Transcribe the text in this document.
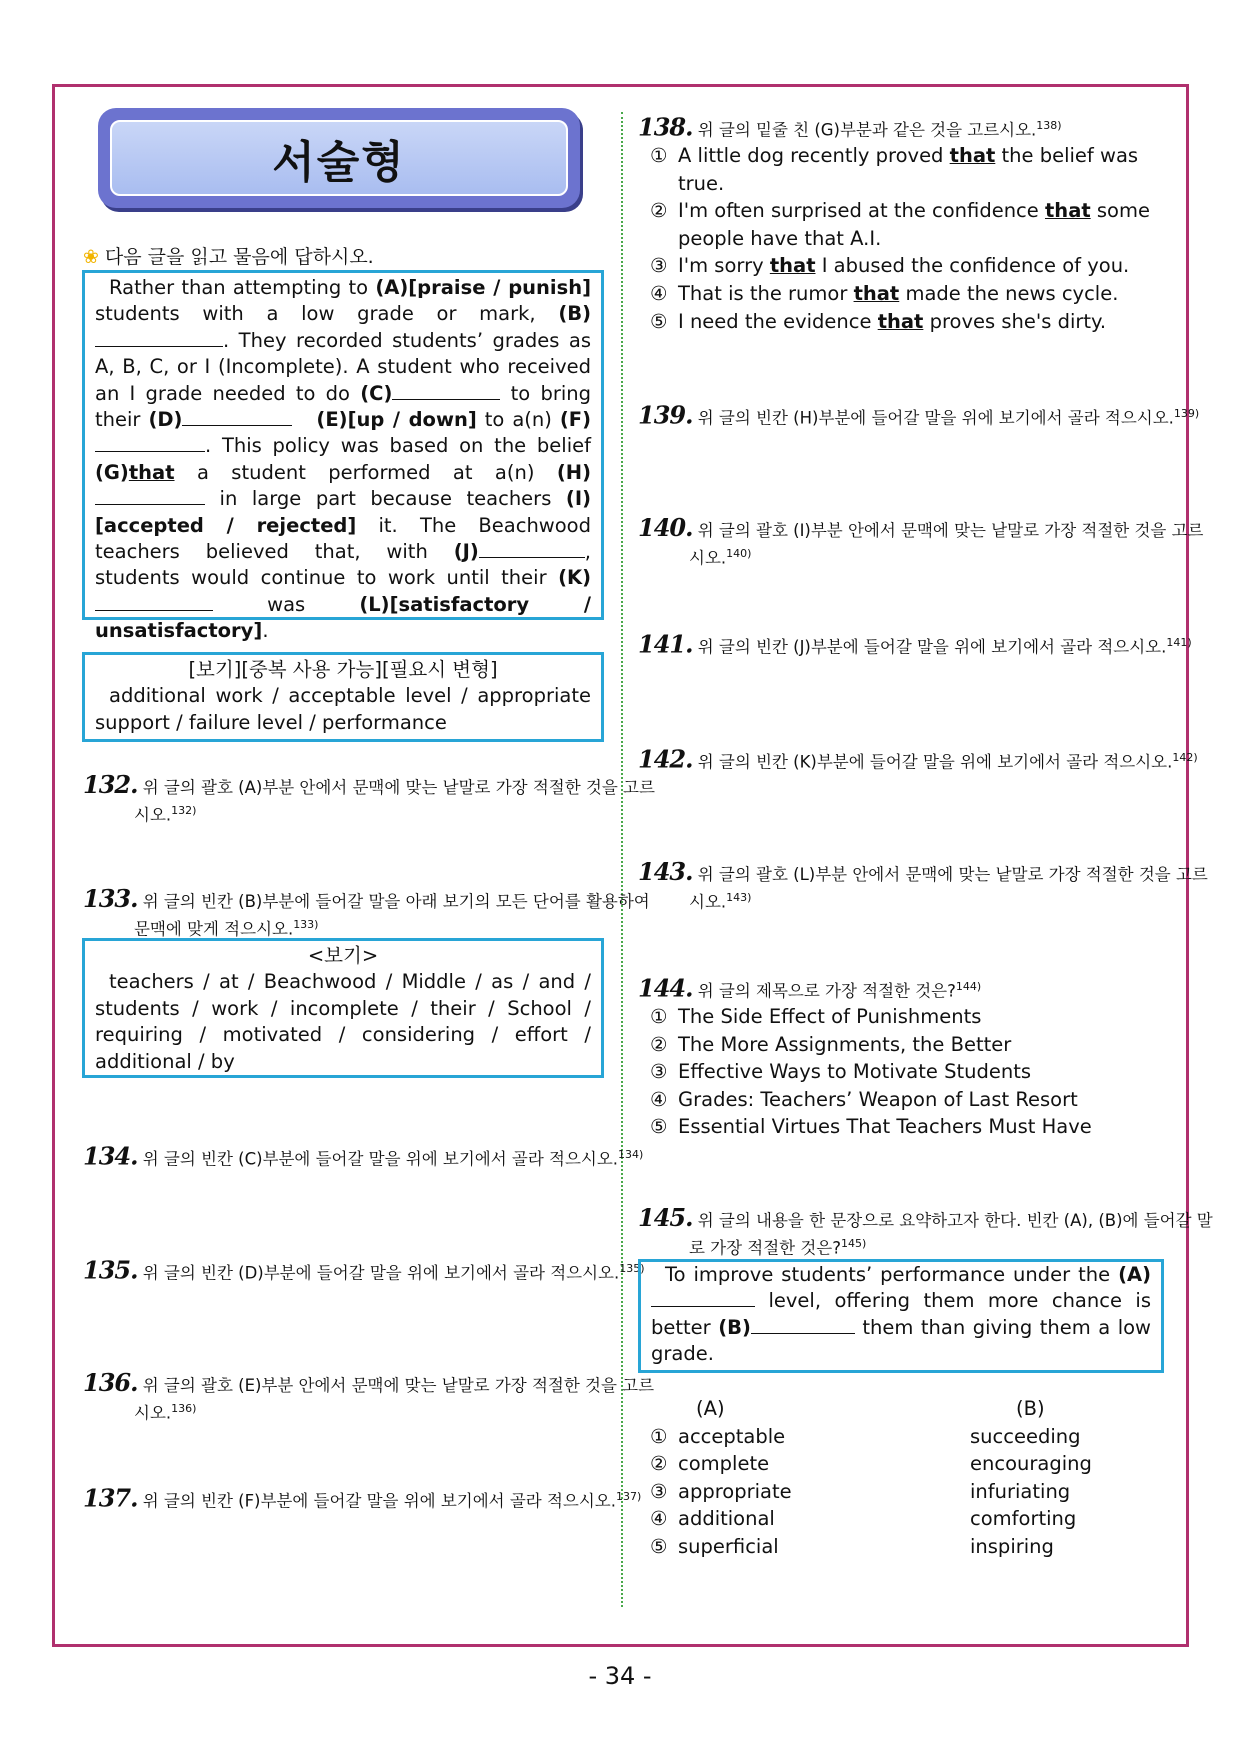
서술형
❀ 다음 글을 읽고 물음에 답하시오.

Rather than attempting to (A)[praise / punish] students with a low grade or mark, (B). They recorded students’ grades as A, B, C, or I (Incomplete). A student who received an I grade needed to do (C)	to bring their (D)	(E)[up / down] to a(n) (F). This policy was based on the belief (G)that a student performed at a(n) (H) in large part because teachers (I)[accepted / rejected] it. The Beachwood teachers believed that, with (J)	, students would continue to work until their (K) was (L)[satisfactory / unsatisfactory].

[보기][중복 사용 가능][필요시 변형]
additional work / acceptable level / appropriate support / failure level / performance
132. 위 글의 괄호 (A)부분 안에서 문맥에 맞는 낱말로 가장 적절한 것을 고르시오.$^{132)}$
133. 위 글의 빈칸 (B)부분에 들어갈 말을 아래 보기의 모든 단어를 활용하여 문맥에 맞게 적으시오.$^{133)}$
<보기>
teachers / at / Beachwood / Middle / as / and / students / work / incomplete / their / School / requiring / motivated / considering / effort / additional / by
134. 위 글의 빈칸 (C)부분에 들어갈 말을 위에 보기에서 골라 적으시오.$^{134)}$
135. 위 글의 빈칸 (D)부분에 들어갈 말을 위에 보기에서 골라 적으시오.$^{135)}$
136. 위 글의 괄호 (E)부분 안에서 문맥에 맞는 낱말로 가장 적절한 것을 고르시오.$^{136)}$
137. 위 글의 빈칸 (F)부분에 들어갈 말을 위에 보기에서 골라 적으시오.$^{137)}$
138. 위 글의 밑줄 친 (G)부분과 같은 것을 고르시오.$^{138)}$
① A little dog recently proved that the belief was true.
② I'm often surprised at the confidence that some people have that A.I.
③ I'm sorry that I abused the confidence of you.
④ That is the rumor that made the news cycle.
⑤ I need the evidence that proves she's dirty.
139. 위 글의 빈칸 (H)부분에 들어갈 말을 위에 보기에서 골라 적으시오.$^{139)}$
140. 위 글의 괄호 (I)부분 안에서 문맥에 맞는 낱말로 가장 적절한 것을 고르시오.$^{140)}$
141. 위 글의 빈칸 (J)부분에 들어갈 말을 위에 보기에서 골라 적으시오.$^{141)}$
142. 위 글의 빈칸 (K)부분에 들어갈 말을 위에 보기에서 골라 적으시오.$^{142)}$
143. 위 글의 괄호 (L)부분 안에서 문맥에 맞는 낱말로 가장 적절한 것을 고르시오.$^{143)}$
144. 위 글의 제목으로 가장 적절한 것은?$^{144)}$
① The Side Effect of Punishments
② The More Assignments, the Better
③ Effective Ways to Motivate Students
④ Grades: Teachers’ Weapon of Last Resort
⑤ Essential Virtues That Teachers Must Have
145. 위 글의 내용을 한 문장으로 요약하고자 한다. 빈칸 (A), (B)에 들어갈 말로 가장 적절한 것은?$^{145)}$
To improve students’ performance under the (A) level, offering them more chance is better (B)	them than giving them a low grade.
(A)	(B)
① acceptable	succeeding
② complete	encouraging
③ appropriate	infuriating
④ additional	comforting
⑤ superficial	inspiring
- 34 -
